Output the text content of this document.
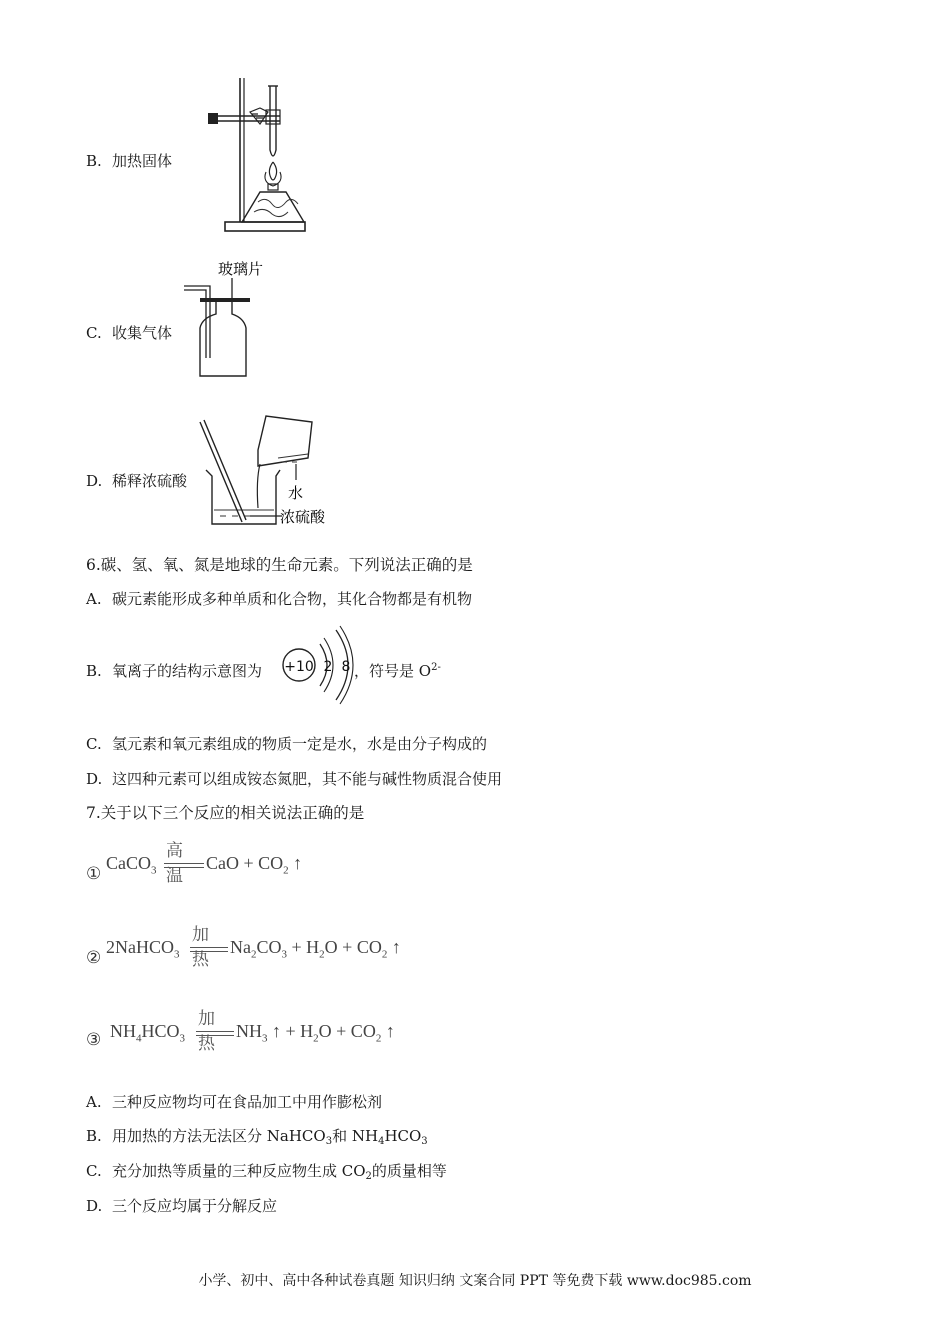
B. 加热固体
玻璃片
C. 收集气体
水
浓硫酸
D. 稀释浓硫酸
6.碳、氢、氧、氮是地球的生命元素。下列说法正确的是
A. 碳元素能形成多种单质和化合物，其化合物都是有机物
B. 氧离子的结构示意图为	，符号是 $O^{2-}$
+10 2 8
C. 氢元素和氧元素组成的物质一定是水，水是由分子构成的
D. 这四种元素可以组成铵态氮肥，其不能与碱性物质混合使用
7.关于以下三个反应的相关说法正确的是
①
CaCO$_3$
高温
CaO + $CO_2$ ↑
②
2NaHCO$_3$
加热
$Na_2CO_3 + H_2O + CO_2$ ↑
③ $NH_4HCO_3$
加热
$NH_3$ ↑ + $H_2O + CO_2$ ↑
A. 三种反应物均可在食品加工中用作膨松剂
B. 用加热的方法无法区分 NaHCO$_3$和 $NH_4HCO_3$
C. 充分加热等质量的三种反应物生成 $CO_2$的质量相等
D. 三个反应均属于分解反应
小学、初中、高中各种试卷真题 知识归纳 文案合同 PPT 等免费下载 www.doc985.com
